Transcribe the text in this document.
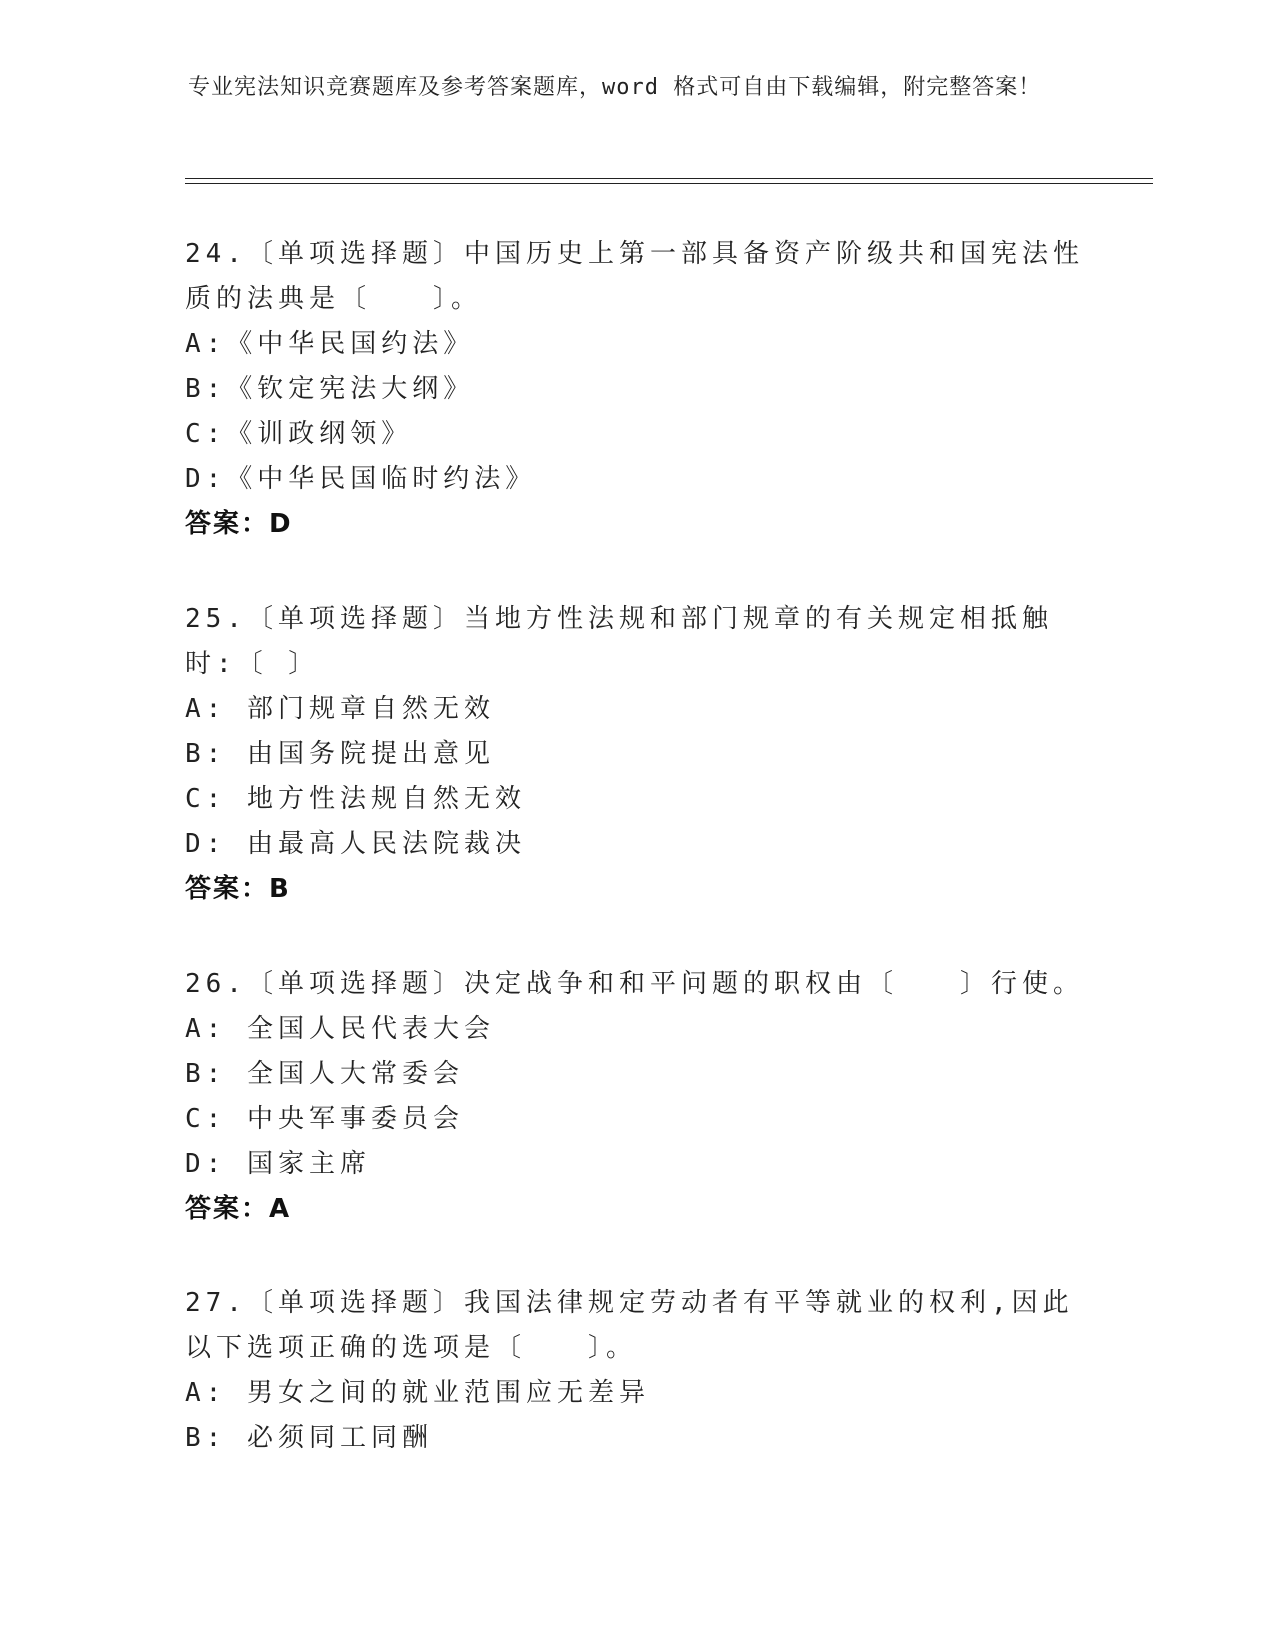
专业宪法知识竞赛题库及参考答案题库，word 格式可自由下载编辑，附完整答案！
24.〔单项选择题〕中国历史上第一部具备资产阶级共和国宪法性质的法典是〔　　〕。
A:《中华民国约法》
B:《钦定宪法大纲》
C:《训政纲领》
D:《中华民国临时约法》
答案：D
25.〔单项选择题〕当地方性法规和部门规章的有关规定相抵触时:〔 〕
A: 部门规章自然无效
B: 由国务院提出意见
C: 地方性法规自然无效
D: 由最高人民法院裁决
答案：B
26.〔单项选择题〕决定战争和和平问题的职权由〔　　〕行使。
A: 全国人民代表大会
B: 全国人大常委会
C: 中央军事委员会
D: 国家主席
答案：A
27.〔单项选择题〕我国法律规定劳动者有平等就业的权利,因此以下选项正确的选项是〔　　〕。
A: 男女之间的就业范围应无差异
B: 必须同工同酬
